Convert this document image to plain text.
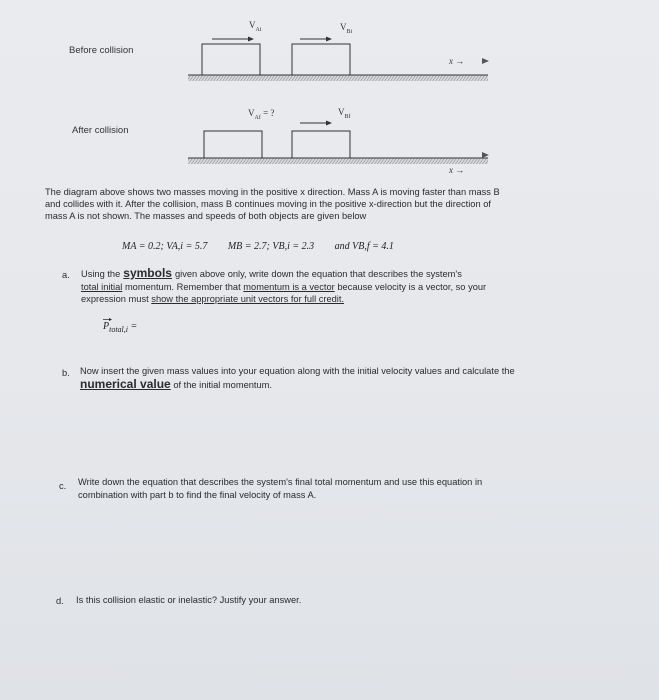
Before collision
After collision
$V_{Ai}$	$V_{Bi}$
$V_{Af}$ = ?	$V_{Bf}$
x →
x →
The diagram above shows two masses moving in the positive x direction. Mass A is moving faster than mass B and collides with it. After the collision, mass B continues moving in the positive x-direction but the direction of mass A is not shown. The masses and speeds of both objects are given below
MA = 0.2; VA,i = 5.7 MB = 2.7; VB,i = 2.3 and VB,f = 4.1
a. Using the symbols given above only, write down the equation that describes the system's
total initial momentum. Remember that momentum is a vector because velocity is a vector, so your expression must show the appropriate unit vectors for full credit.
$P_{total,i}$ =
b. Now insert the given mass values into your equation along with the initial velocity values and calculate the numerical value of the initial momentum.
c. Write down the equation that describes the system's final total momentum and use this equation in combination with part b to find the final velocity of mass A.
d. Is this collision elastic or inelastic? Justify your answer.
